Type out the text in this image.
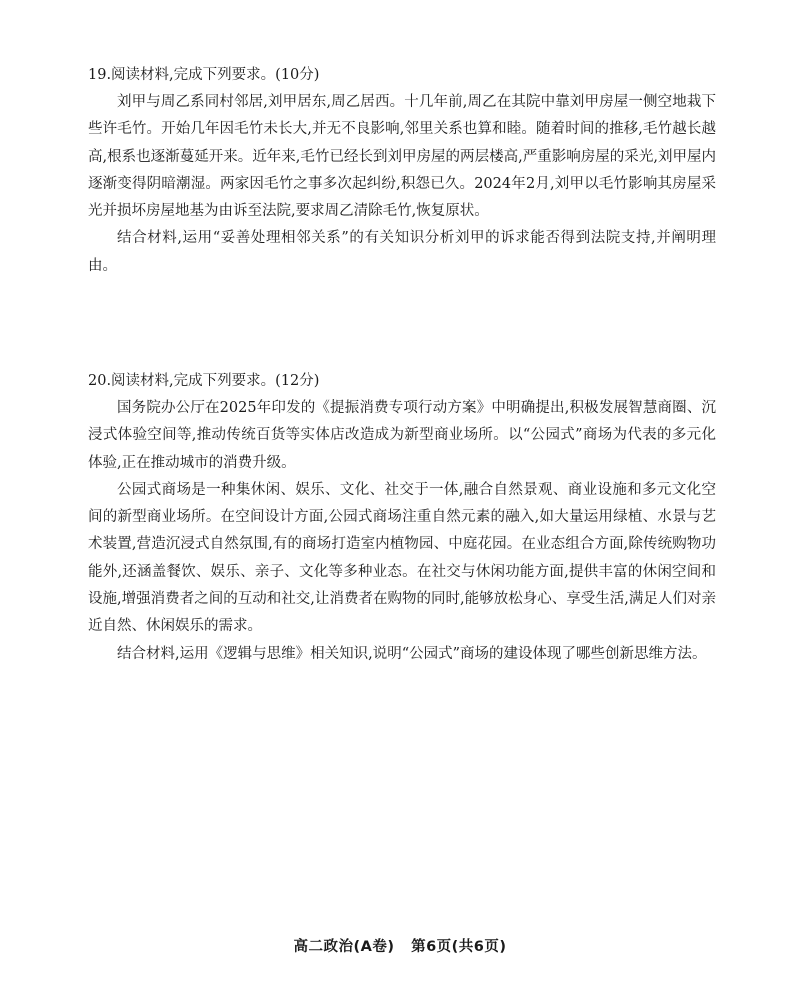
19.阅读材料,完成下列要求。(10分)

刘甲与周乙系同村邻居,刘甲居东,周乙居西。十几年前,周乙在其院中靠刘甲房屋一侧空地栽下些许毛竹。开始几年因毛竹未长大,并无不良影响,邻里关系也算和睦。随着时间的推移,毛竹越长越高,根系也逐渐蔓延开来。近年来,毛竹已经长到刘甲房屋的两层楼高,严重影响房屋的采光,刘甲屋内逐渐变得阴暗潮湿。两家因毛竹之事多次起纠纷,积怨已久。2024年2月,刘甲以毛竹影响其房屋采光并损坏房屋地基为由诉至法院,要求周乙清除毛竹,恢复原状。

结合材料,运用“妥善处理相邻关系”的有关知识分析刘甲的诉求能否得到法院支持,并阐明理由。

20.阅读材料,完成下列要求。(12分)

国务院办公厅在2025年印发的《提振消费专项行动方案》中明确提出,积极发展智慧商圈、沉浸式体验空间等,推动传统百货等实体店改造成为新型商业场所。以“公园式”商场为代表的多元化体验,正在推动城市的消费升级。

公园式商场是一种集休闲、娱乐、文化、社交于一体,融合自然景观、商业设施和多元文化空间的新型商业场所。在空间设计方面,公园式商场注重自然元素的融入,如大量运用绿植、水景与艺术装置,营造沉浸式自然氛围,有的商场打造室内植物园、中庭花园。在业态组合方面,除传统购物功能外,还涵盖餐饮、娱乐、亲子、文化等多种业态。在社交与休闲功能方面,提供丰富的休闲空间和设施,增强消费者之间的互动和社交,让消费者在购物的同时,能够放松身心、享受生活,满足人们对亲近自然、休闲娱乐的需求。

结合材料,运用《逻辑与思维》相关知识,说明“公园式”商场的建设体现了哪些创新思维方法。

高二政治(A卷)   第6页(共6页)
